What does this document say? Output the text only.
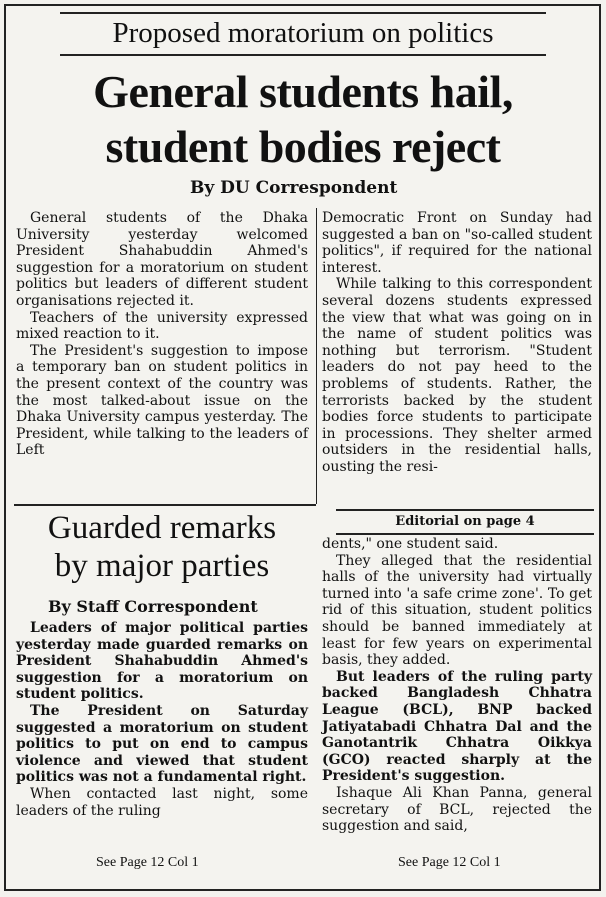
Proposed moratorium on politics
General students hail,
student bodies reject
By DU Correspondent

General students of the Dhaka University yesterday welcomed President Shahabuddin Ahmed's suggestion for a moratorium on student politics but leaders of different student organisations rejected it.

Teachers of the university expressed mixed reaction to it.

The President's suggestion to impose a temporary ban on student politics in the present context of the country was the most talked-about issue on the Dhaka University campus yesterday. The President, while talking to the leaders of Left

Democratic Front on Sunday had suggested a ban on "so-called student politics", if required for the national interest.

While talking to this correspondent several dozens students expressed the view that what was going on in the name of student politics was nothing but terrorism. "Student leaders do not pay heed to the problems of students. Rather, the terrorists backed by the student bodies force students to participate in processions. They shelter armed outsiders in the residential halls, ousting the resi-

Guarded remarks
by major parties
By Staff Correspondent

Leaders of major political parties yesterday made guarded remarks on President Shahabuddin Ahmed's suggestion for a moratorium on student politics.

The President on Saturday suggested a moratorium on student politics to put on end to campus violence and viewed that student politics was not a fundamental right.

When contacted last night, some leaders of the ruling

Editorial on page 4

dents," one student said.

They alleged that the residential halls of the university had virtually turned into 'a safe crime zone'. To get rid of this situation, student politics should be banned immediately at least for few years on experimental basis, they added.

But leaders of the ruling party backed Bangladesh Chhatra League (BCL), BNP backed Jatiyatabadi Chhatra Dal and the Ganotantrik Chhatra Oikkya (GCO) reacted sharply at the President's suggestion.

Ishaque Ali Khan Panna, general secretary of BCL, rejected the suggestion and said,

See Page 12 Col 1	See Page 12 Col 1
